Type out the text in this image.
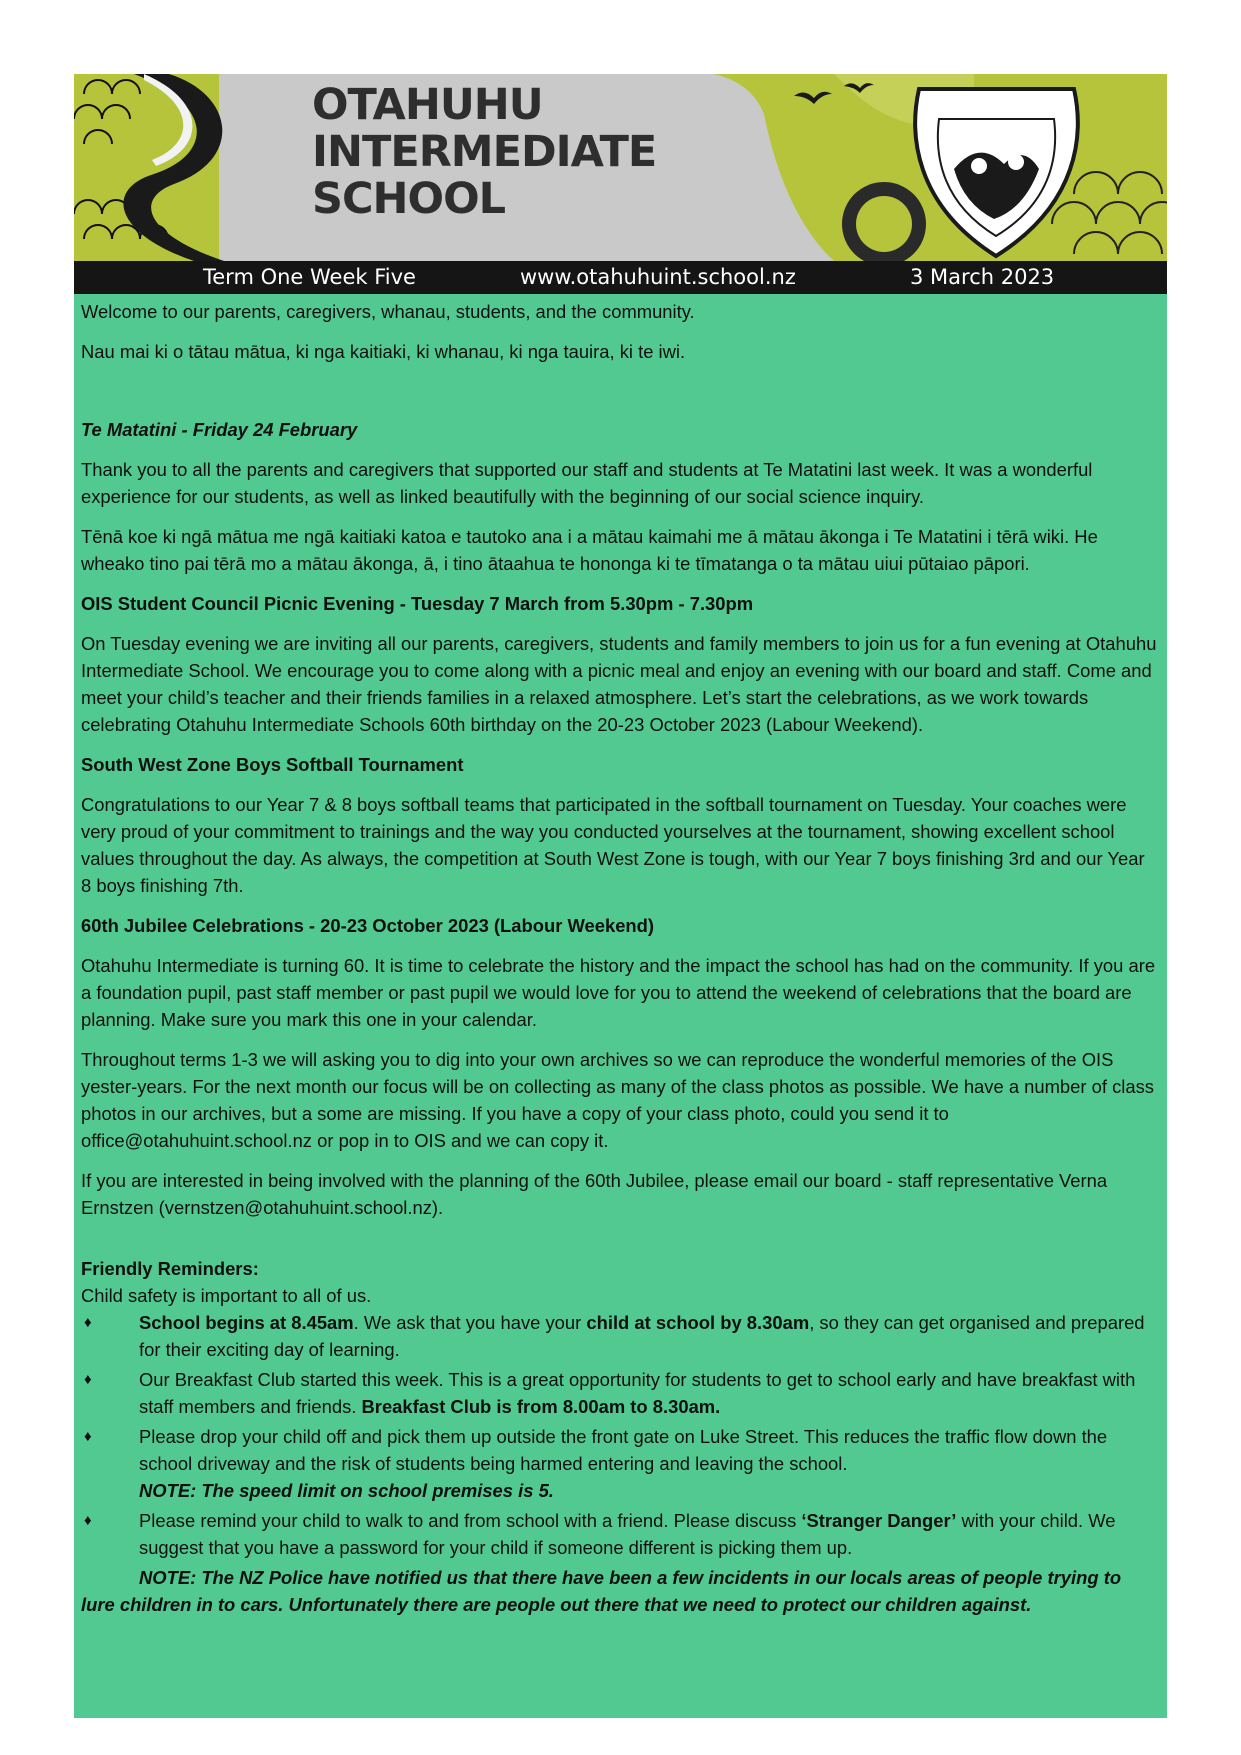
OTAHUHU
INTERMEDIATE
SCHOOL
Term One Week Five	www.otahuhuint.school.nz	3 March 2023

Welcome to our parents, caregivers, whanau, students, and the community.

Nau mai ki o tātau mātua, ki nga kaitiaki, ki whanau, ki nga tauira, ki te iwi.

Te Matatini - Friday 24 February

Thank you to all the parents and caregivers that supported our staff and students at Te Matatini last week. It was a wonderful experience for our students, as well as linked beautifully with the beginning of our social science inquiry.

Tēnā koe ki ngā mātua me ngā kaitiaki katoa e tautoko ana i a mātau kaimahi me ā mātau ākonga i Te Matatini i tērā wiki. He wheako tino pai tērā mo a mātau ākonga, ā, i tino ātaahua te hononga ki te tīmatanga o ta mātau uiui pūtaiao pāpori.

OIS Student Council Picnic Evening - Tuesday 7 March from 5.30pm - 7.30pm

On Tuesday evening we are inviting all our parents, caregivers, students and family members to join us for a fun evening at Otahuhu Intermediate School. We encourage you to come along with a picnic meal and enjoy an evening with our board and staff. Come and meet your child’s teacher and their friends families in a relaxed atmosphere. Let’s start the celebrations, as we work towards celebrating Otahuhu Intermediate Schools 60th birthday on the 20-23 October 2023 (Labour Weekend).

South West Zone Boys Softball Tournament

Congratulations to our Year 7 & 8 boys softball teams that participated in the softball tournament on Tuesday. Your coaches were very proud of your commitment to trainings and the way you conducted yourselves at the tournament, showing excellent school values throughout the day. As always, the competition at South West Zone is tough, with our Year 7 boys finishing 3rd and our Year 8 boys finishing 7th.

60th Jubilee Celebrations - 20-23 October 2023 (Labour Weekend)

Otahuhu Intermediate is turning 60. It is time to celebrate the history and the impact the school has had on the community. If you are a foundation pupil, past staff member or past pupil we would love for you to attend the weekend of celebrations that the board are planning. Make sure you mark this one in your calendar.

Throughout terms 1-3 we will asking you to dig into your own archives so we can reproduce the wonderful memories of the OIS yester-years. For the next month our focus will be on collecting as many of the class photos as possible. We have a number of class photos in our archives, but a some are missing. If you have a copy of your class photo, could you send it to office@otahuhuint.school.nz or pop in to OIS and we can copy it.

If you are interested in being involved with the planning of the 60th Jubilee, please email our board - staff representative Verna Ernstzen (vernstzen@otahuhuint.school.nz).

Friendly Reminders:

Child safety is important to all of us.

♦	School begins at 8.45am. We ask that you have your child at school by 8.30am, so they can get organised and prepared for their exciting day of learning.
♦	Our Breakfast Club started this week. This is a great opportunity for students to get to school early and have breakfast with staff members and friends. Breakfast Club is from 8.00am to 8.30am.
♦	Please drop your child off and pick them up outside the front gate on Luke Street. This reduces the traffic flow down the school driveway and the risk of students being harmed entering and leaving the school.
NOTE: The speed limit on school premises is 5.
♦	Please remind your child to walk to and from school with a friend. Please discuss ‘Stranger Danger’ with your child. We suggest that you have a password for your child if someone different is picking them up.

NOTE: The NZ Police have notified us that there have been a few incidents in our locals areas of people trying to lure children in to cars. Unfortunately there are people out there that we need to protect our children against.
